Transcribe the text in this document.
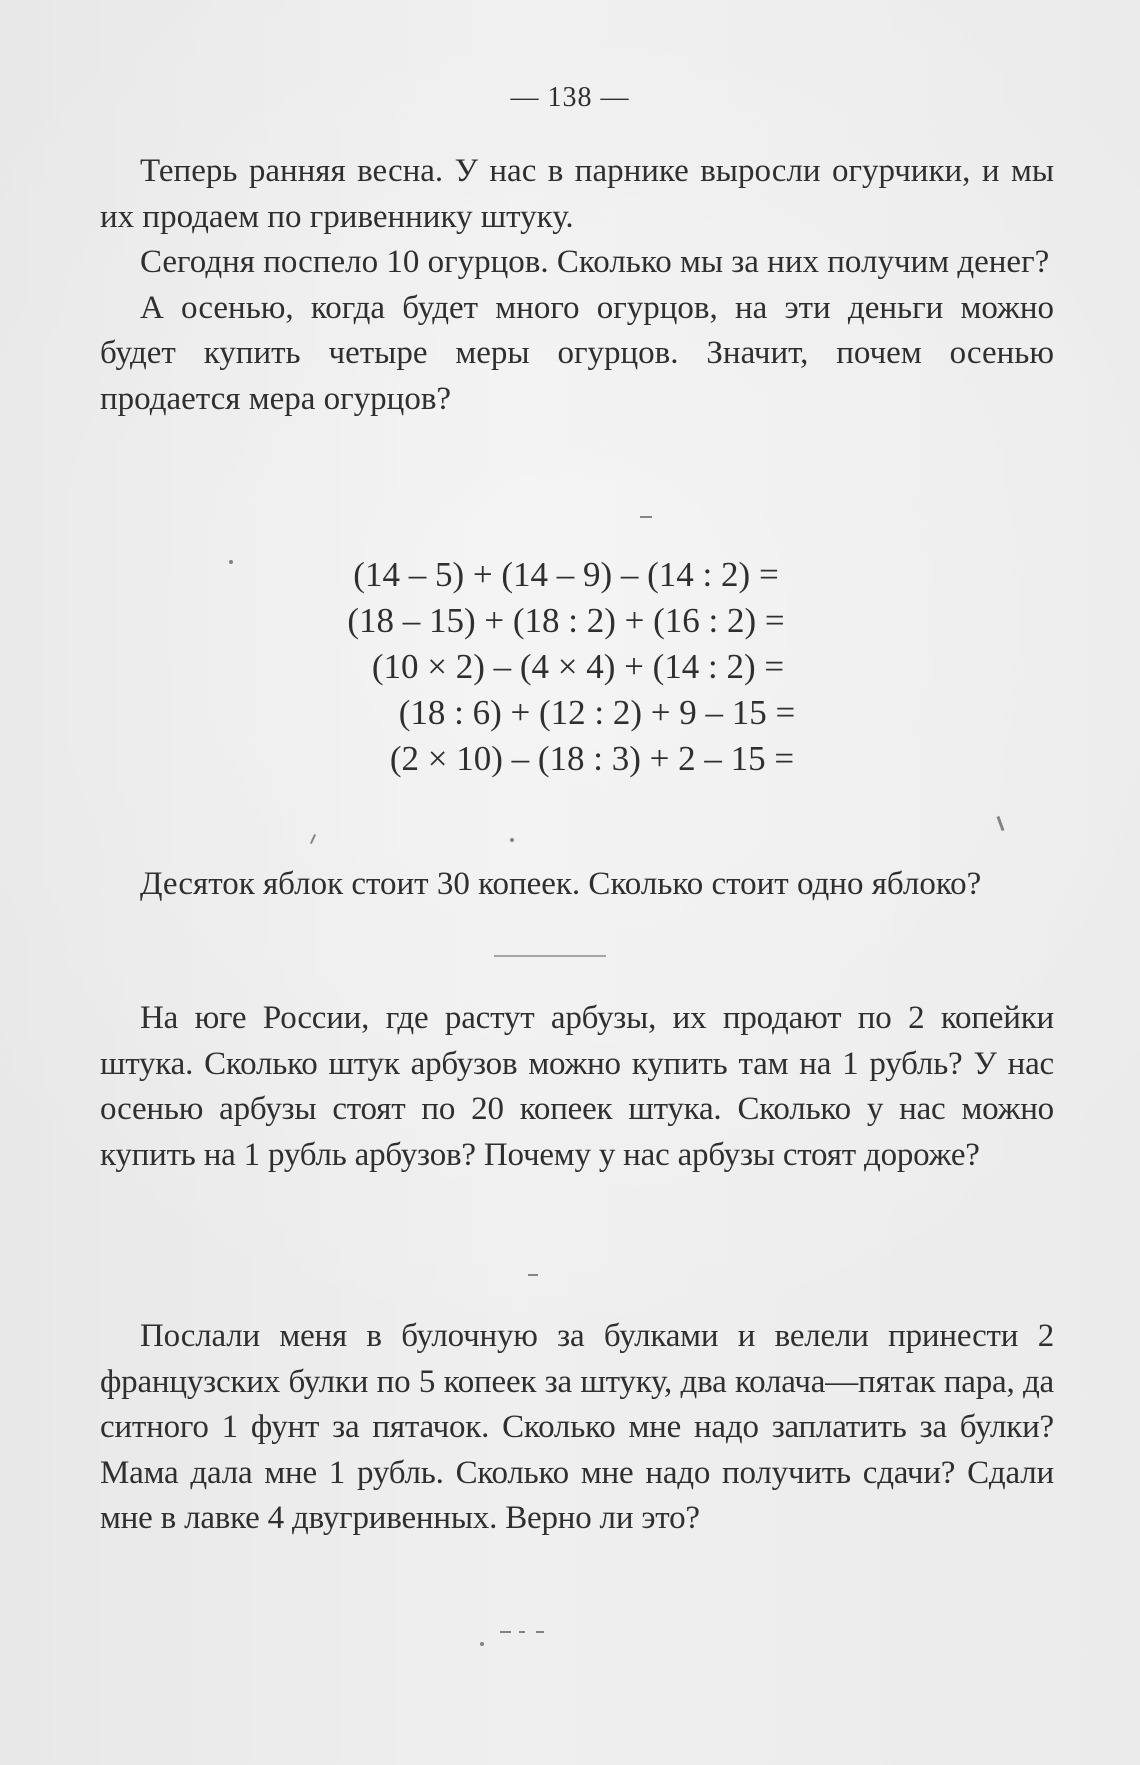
— 138 —

Теперь ранняя весна. У нас в парнике выросли огурчики, и мы их продаем по гривеннику штуку.

Сегодня поспело 10 огурцов. Сколько мы за них получим денег?

А осенью, когда будет много огурцов, на эти деньги можно будет купить четыре меры огурцов. Значит, почем осенью продается мера огурцов?

(14 – 5) + (14 – 9) – (14 : 2) =
(18 – 15) + (18 : 2) + (16 : 2) =
(10 × 2) – (4 × 4) + (14 : 2) =
(18 : 6) + (12 : 2) + 9 – 15 =
(2 × 10) – (18 : 3) + 2 – 15 =

Десяток яблок стоит 30 копеек. Сколько стоит одно яблоко?

На юге России, где растут арбузы, их продают по 2 копейки штука. Сколько штук арбузов можно купить там на 1 рубль? У нас осенью арбузы стоят по 20 копеек штука. Сколько у нас можно купить на 1 рубль арбузов? Почему у нас арбузы стоят дороже?

Послали меня в булочную за булками и велели принести 2 французских булки по 5 копеек за штуку, два колача—пятак пара, да ситного 1 фунт за пятачок. Сколько мне надо заплатить за булки? Мама дала мне 1 рубль. Сколько мне надо получить сдачи? Сдали мне в лавке 4 двугривенных. Верно ли это?
